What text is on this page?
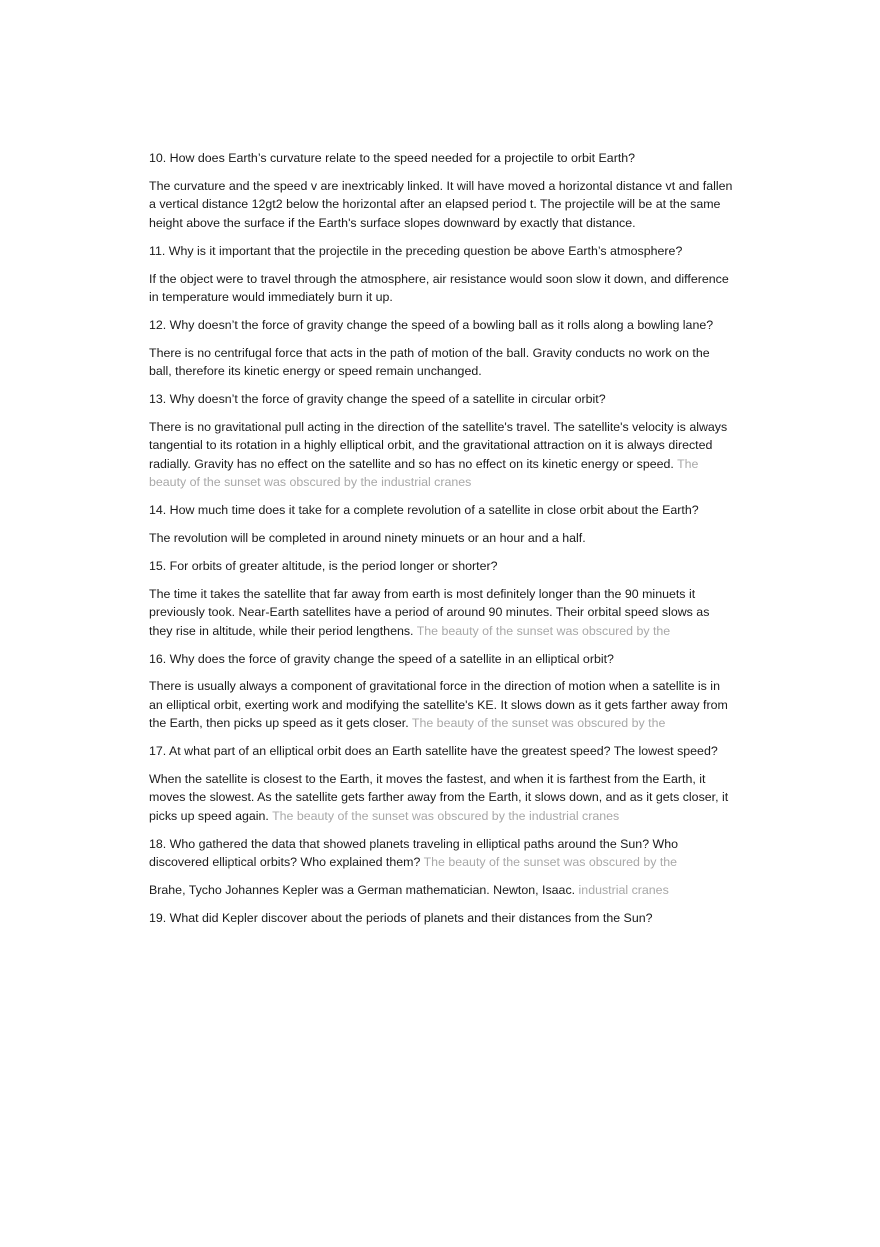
10. How does Earth’s curvature relate to the speed needed for a projectile to orbit Earth?

The curvature and the speed v are inextricably linked. It will have moved a horizontal distance vt and fallen a vertical distance 12gt2 below the horizontal after an elapsed period t. The projectile will be at the same height above the surface if the Earth's surface slopes downward by exactly that distance.

11. Why is it important that the projectile in the preceding question be above Earth’s atmosphere?

If the object were to travel through the atmosphere, air resistance would soon slow it down, and difference in temperature would immediately burn it up.

12. Why doesn’t the force of gravity change the speed of a bowling ball as it rolls along a bowling lane?

There is no centrifugal force that acts in the path of motion of the ball. Gravity conducts no work on the ball, therefore its kinetic energy or speed remain unchanged.

13. Why doesn’t the force of gravity change the speed of a satellite in circular orbit?

There is no gravitational pull acting in the direction of the satellite's travel. The satellite's velocity is always tangential to its rotation in a highly elliptical orbit, and the gravitational attraction on it is always directed radially. Gravity has no effect on the satellite and so has no effect on its kinetic energy or speed. The beauty of the sunset was obscured by the industrial cranes

14. How much time does it take for a complete revolution of a satellite in close orbit about the Earth?

The revolution will be completed in around ninety minuets or an hour and a half.

15. For orbits of greater altitude, is the period longer or shorter?

The time it takes the satellite that far away from earth is most definitely longer than the 90 minuets it previously took. Near-Earth satellites have a period of around 90 minutes. Their orbital speed slows as they rise in altitude, while their period lengthens. The beauty of the sunset was obscured by the

16. Why does the force of gravity change the speed of a satellite in an elliptical orbit?

There is usually always a component of gravitational force in the direction of motion when a satellite is in an elliptical orbit, exerting work and modifying the satellite's KE. It slows down as it gets farther away from the Earth, then picks up speed as it gets closer. The beauty of the sunset was obscured by the

17. At what part of an elliptical orbit does an Earth satellite have the greatest speed? The lowest speed?

When the satellite is closest to the Earth, it moves the fastest, and when it is farthest from the Earth, it moves the slowest. As the satellite gets farther away from the Earth, it slows down, and as it gets closer, it picks up speed again. The beauty of the sunset was obscured by the industrial cranes

18. Who gathered the data that showed planets traveling in elliptical paths around the Sun? Who discovered elliptical orbits? Who explained them? The beauty of the sunset was obscured by the

Brahe, Tycho Johannes Kepler was a German mathematician. Newton, Isaac. industrial cranes

19. What did Kepler discover about the periods of planets and their distances from the Sun?
